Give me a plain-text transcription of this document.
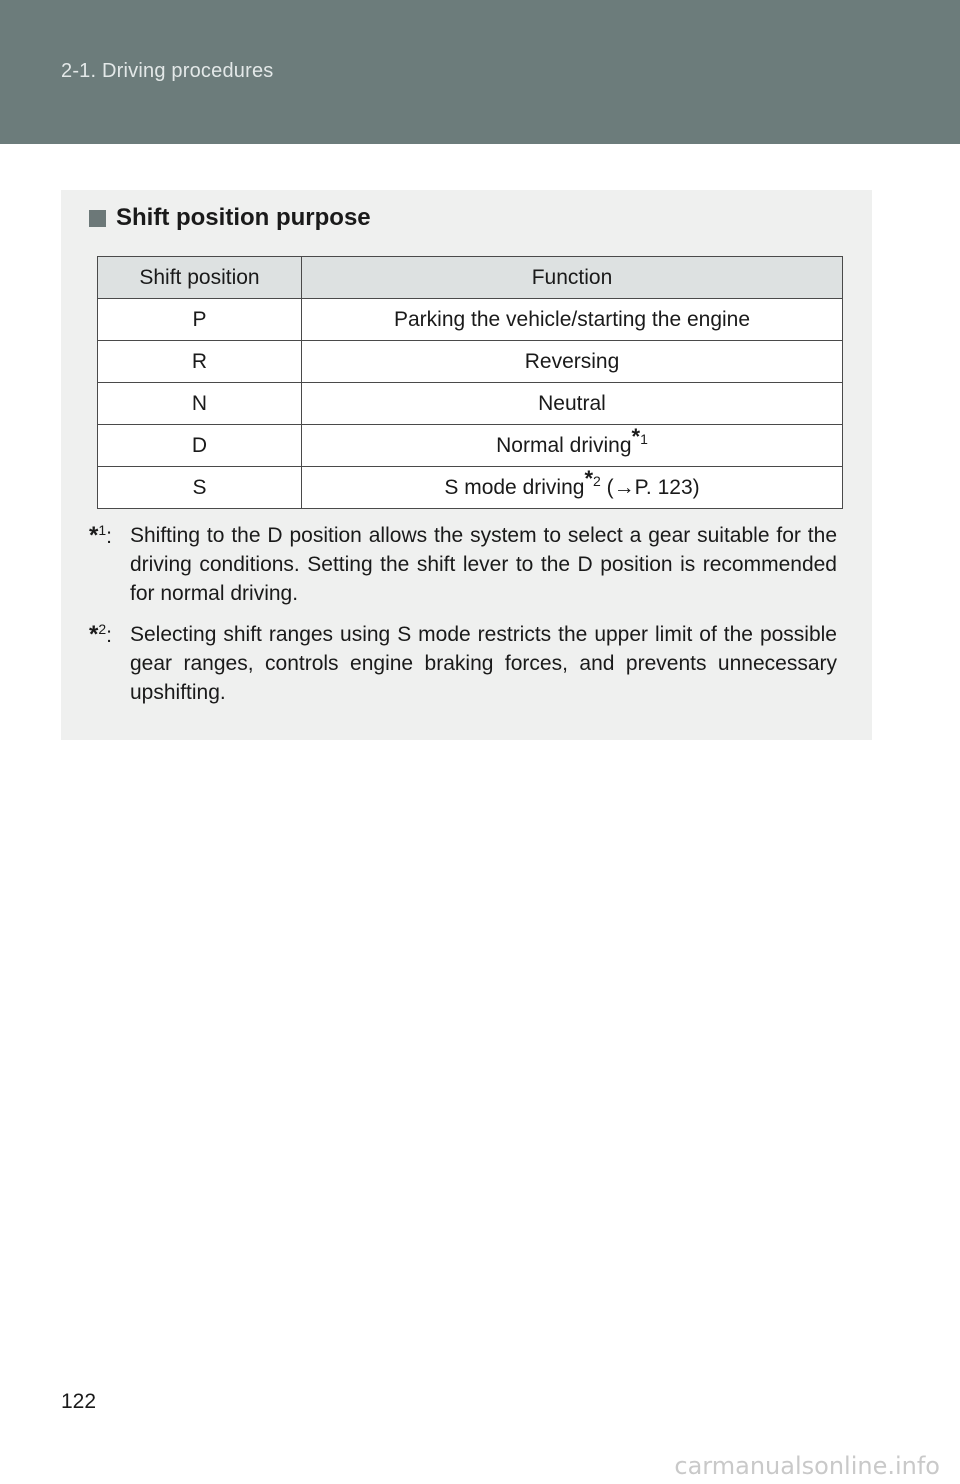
2-1. Driving procedures
Shift position purpose
Shift position	Function
P	Parking the vehicle/starting the engine
R	Reversing
N	Neutral
D	Normal driving$^{*1}$
S	S mode driving$^{*2}$ (→P. 123)
*$^1$: Shifting to the D position allows the system to select a gear suitable for the driving conditions. Setting the shift lever to the D position is recommended for normal driving.
*$^2$: Selecting shift ranges using S mode restricts the upper limit of the possible gear ranges, controls engine braking forces, and prevents unnecessary upshifting.
122
carmanualsonline.info
